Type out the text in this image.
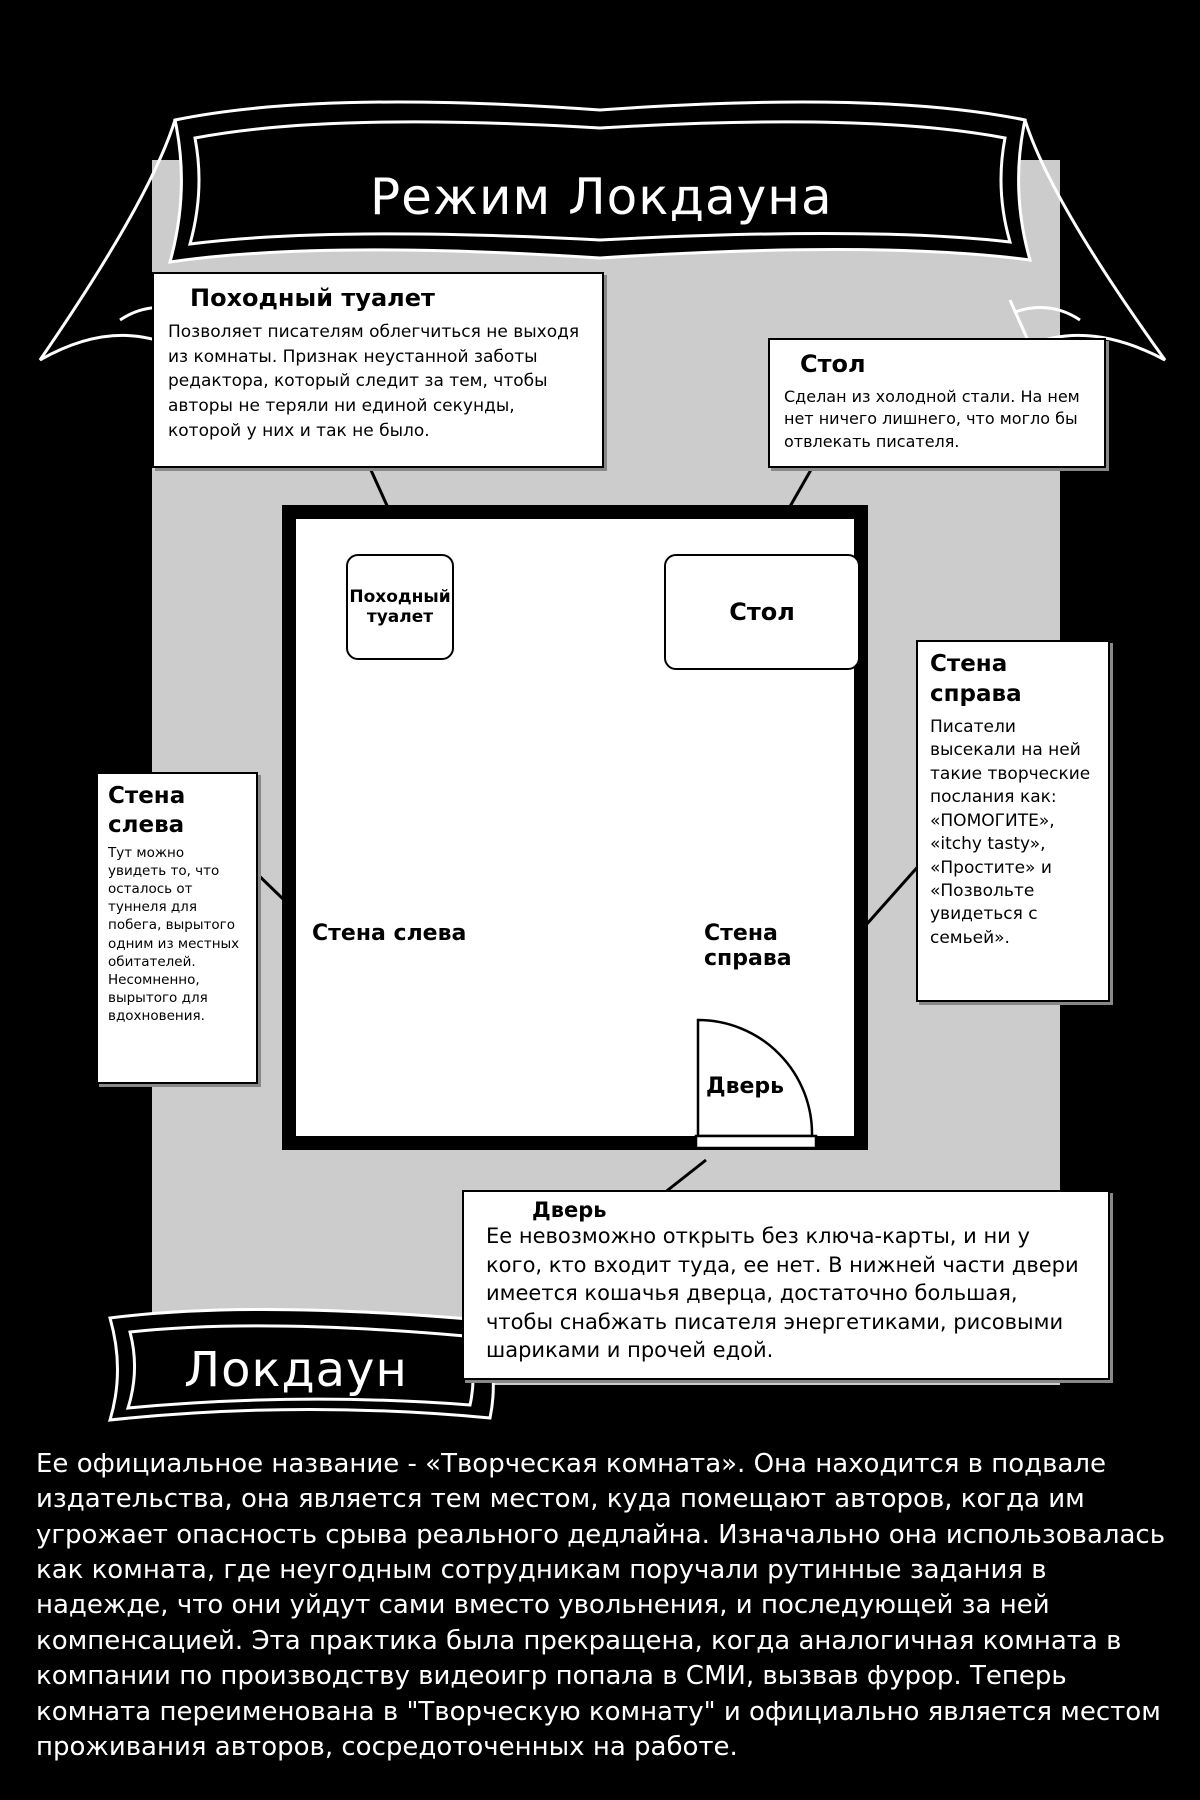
Походный туалет	Стол
Стена слева	Стена справа
Дверь
Походный туалет

Позволяет писателям облегчиться не выходя из комнаты. Признак неустанной заботы редактора, который следит за тем, чтобы авторы не теряли ни единой секунды, которой у них и так не было.

Стол

Сделан из холодной стали. На нем нет ничего лишнего, что могло бы отвлекать писателя.

Стена слева

Тут можно увидеть то, что осталось от туннеля для побега, вырытого одним из местных обитателей. Несомненно, вырытого для вдохновения.

Стена справа

Писатели высекали на ней такие творческие послания как: «ПОМОГИТЕ», «itchy tasty», «Простите» и «Позвольте увидеться с семьей».

Дверь

Ее невозможно открыть без ключа-карты, и ни у кого, кто входит туда, ее нет. В нижней части двери имеется кошачья дверца, достаточно большая, чтобы снабжать писателя энергетиками, рисовыми шариками и прочей едой.

Режим Локдауна
Локдаун
Ее официальное название - «Творческая комната». Она находится в подвале издательства, она является тем местом, куда помещают авторов, когда им угрожает опасность срыва реального дедлайна. Изначально она использовалась как комната, где неугодным сотрудникам поручали рутинные задания в надежде, что они уйдут сами вместо увольнения, и последующей за ней компенсацией. Эта практика была прекращена, когда аналогичная комната в компании по производству видеоигр попала в СМИ, вызвав фурор. Теперь комната переименована в "Творческую комнату" и официально является местом проживания авторов, сосредоточенных на работе.
